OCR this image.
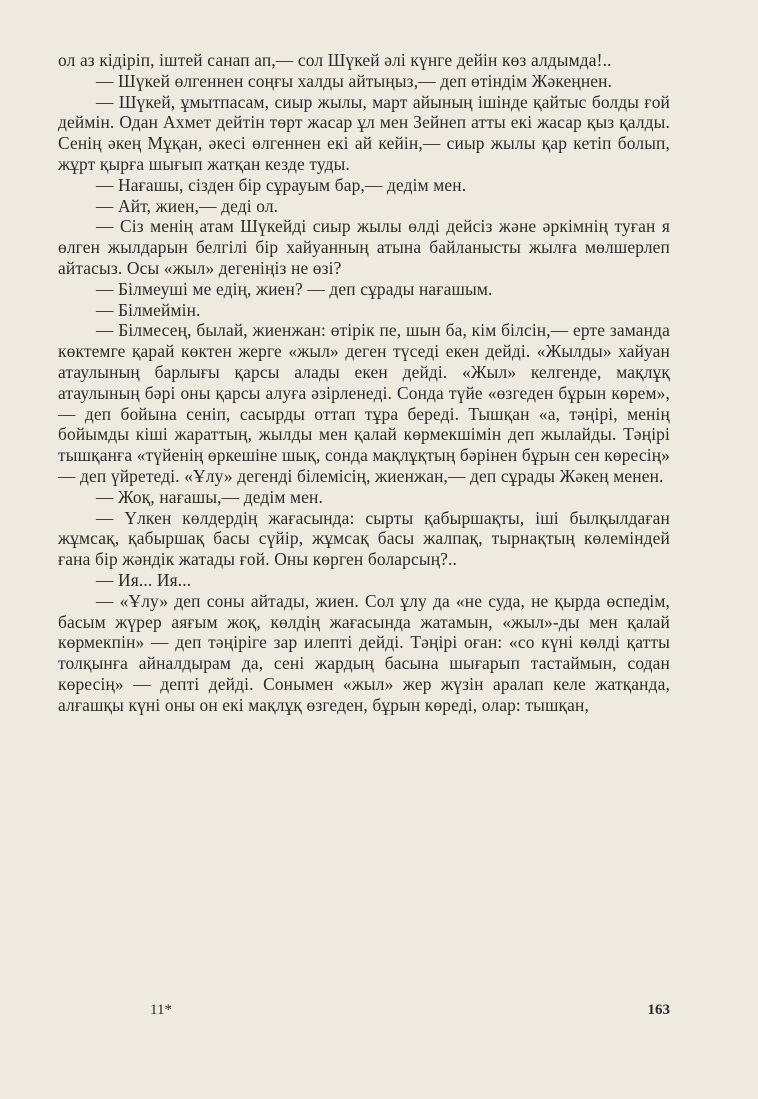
ол аз кідіріп, іштей санап ап,— сол Шүкей әлі күнге дейін көз алдымда!..

— Шүкей өлгеннен соңғы халды айтыңыз,— деп өтіндім Жәкеңнен.

— Шүкей, ұмытпасам, сиыр жылы, март айының ішінде қайтыс болды ғой деймін. Одан Ахмет дейтін төрт жасар ұл мен Зейнеп атты екі жасар қыз қалды. Сенің әкең Мұқан, әкесі өлгеннен екі ай кейін,— сиыр жылы қар кетіп болып, жұрт қырға шығып жатқан кезде туды.

— Нағашы, сізден бір сұрауым бар,— дедім мен.

— Айт, жиен,— деді ол.

— Сіз менің атам Шүкейді сиыр жылы өлді дейсіз және әркімнің туған я өлген жылдарын белгілі бір хайуанның атына байланысты жылға мөлшерлеп айтасыз. Осы «жыл» дегеніңіз не өзі?

— Білмеуші ме едің, жиен? — деп сұрады нағашым.

— Білмеймін.

— Білмесең, былай, жиенжан: өтірік пе, шын ба, кім білсін,— ерте заманда көктемге қарай көктен жерге «жыл» деген түседі екен дейді. «Жылды» хайуан атаулының барлығы қарсы алады екен дейді. «Жыл» келгенде, мақлұқ атаулының бәрі оны қарсы алуға әзірленеді. Сонда түйе «өзгеден бұрын көрем»,— деп бойына сеніп, сасырды оттап тұра береді. Тышқан «а, тәңірі, менің бойымды кіші жараттың, жылды мен қалай көрмекшімін деп жылайды. Тәңірі тышқанға «түйенің өркешіне шық, сонда мақлұқтың бәрінен бұрын сен көресің» — деп үйретеді. «Ұлу» дегенді білемісің, жиенжан,— деп сұрады Жәкең менен.

— Жоқ, нағашы,— дедім мен.

— Үлкен көлдердің жағасында: сырты қабыршақты, іші былқылдаған жұмсақ, қабыршақ басы сүйір, жұмсақ басы жалпақ, тырнақтың көлеміндей ғана бір жәндік жатады ғой. Оны көрген боларсың?..

— Ия... Ия...

— «Ұлу» деп соны айтады, жиен. Сол ұлу да «не суда, не қырда өспедім, басым жүрер аяғым жоқ, көлдің жағасында жатамын, «жыл»-ды мен қалай көрмекпін» — деп тәңіріге зар илепті дейді. Тәңірі оған: «со күні көлді қатты толқынға айналдырам да, сені жардың басына шығарып тастаймын, содан көресің» — депті дейді. Сонымен «жыл» жер жүзін аралап келе жатқанда, алғашқы күні оны он екі мақлұқ өзгеден, бұрын көреді, олар: тышқан,

11*	163
